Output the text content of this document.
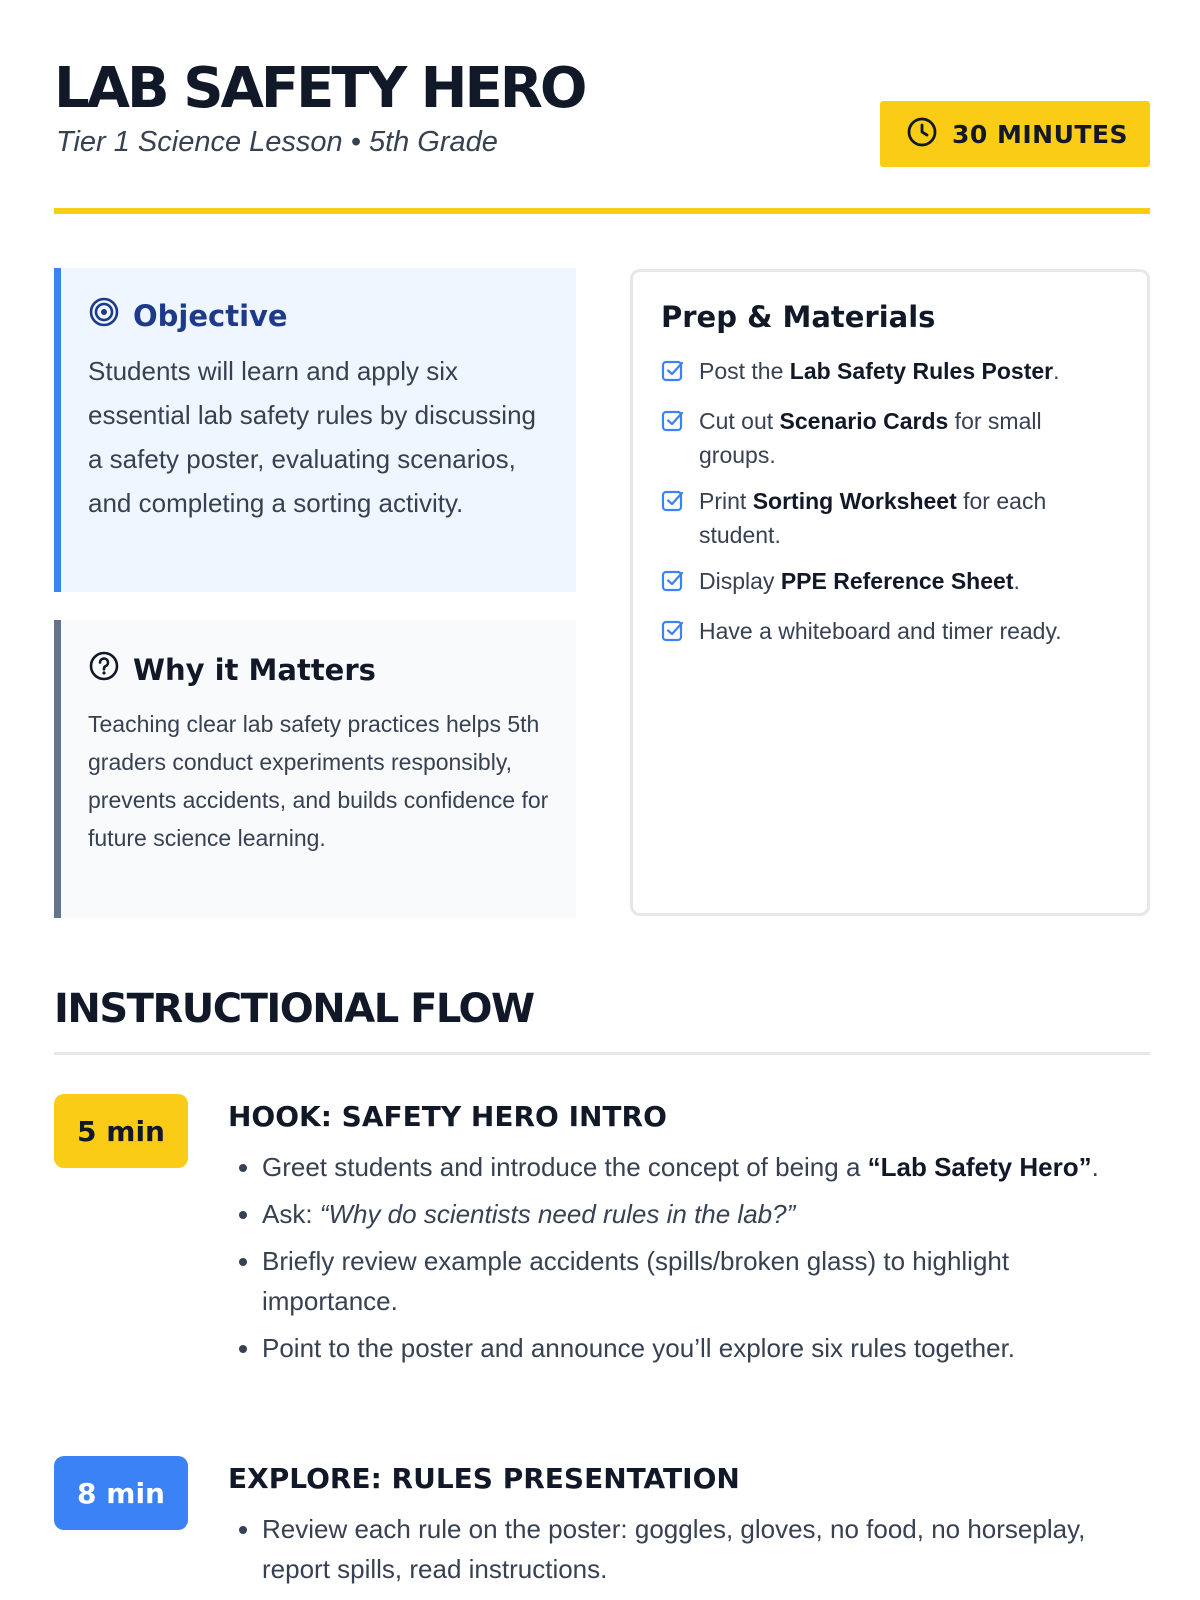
LAB SAFETY HERO
Tier 1 Science Lesson • 5th Grade	30 MINUTES
Objective
Students will learn and apply six essential lab safety rules by discussing a safety poster, evaluating scenarios, and completing a sorting activity.
Why it Matters
Teaching clear lab safety practices helps 5th graders conduct experiments responsibly, prevents accidents, and builds confidence for future science learning.
Prep & Materials
Post the Lab Safety Rules Poster.
Cut out Scenario Cards for small groups.
Print Sorting Worksheet for each student.
Display PPE Reference Sheet.
Have a whiteboard and timer ready.
INSTRUCTIONAL FLOW
5 min	HOOK: SAFETY HERO INTRO
• Greet students and introduce the concept of being a “Lab Safety Hero”.
• Ask: “Why do scientists need rules in the lab?”
• Briefly review example accidents (spills/broken glass) to highlight importance.
• Point to the poster and announce you’ll explore six rules together.
8 min	EXPLORE: RULES PRESENTATION
• Review each rule on the poster: goggles, gloves, no food, no horseplay, report spills, read instructions.
